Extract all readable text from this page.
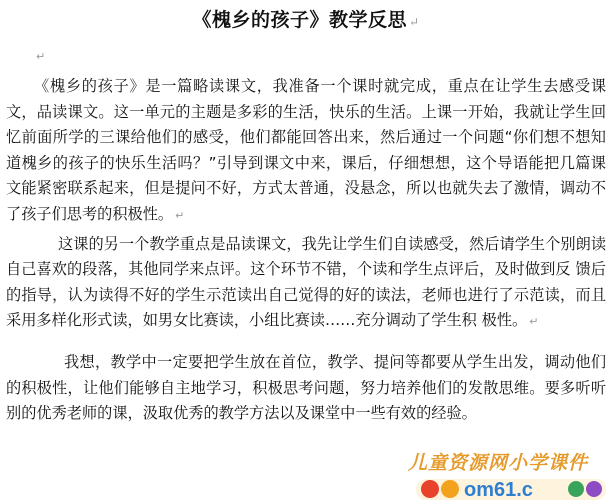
《槐乡的孩子》教学反思 ↵
↵

《槐乡的孩子》是一篇略读课文，我准备一个课时就完成，重点在让学生去感受课文，品读课文。这一单元的主题是多彩的生活，快乐的生活。上课一开始，我就让学生回忆前面所学的三课给他们的感受，他们都能回答出来，然后通过一个问题“你们想不想知道槐乡的孩子的快乐生活吗？”引导到课文中来，课后，仔细想想，这个导语能把几篇课文能紧密联系起来，但是提问不好，方式太普通，没悬念，所以也就失去了激情，调动不了孩子们思考的积极性。 ↵

这课的另一个教学重点是品读课文，我先让学生们自读感受，然后请学生个别朗读自己喜欢的段落，其他同学来点评。这个环节不错，个读和学生点评后，及时做到反 馈后的指导，认为读得不好的学生示范读出自己觉得的好的读法，老师也进行了示范读，而且采用多样化形式读，如男女比赛读，小组比赛读……充分调动了学生积 极性。 ↵

我想，教学中一定要把学生放在首位，教学、提问等都要从学生出发，调动他们的积极性，让他们能够自主地学习，积极思考问题，努力培养他们的发散思维。要多听听别的优秀老师的课，汲取优秀的教学方法以及课堂中一些有效的经验。

儿童资源网小学课件
om61.c
